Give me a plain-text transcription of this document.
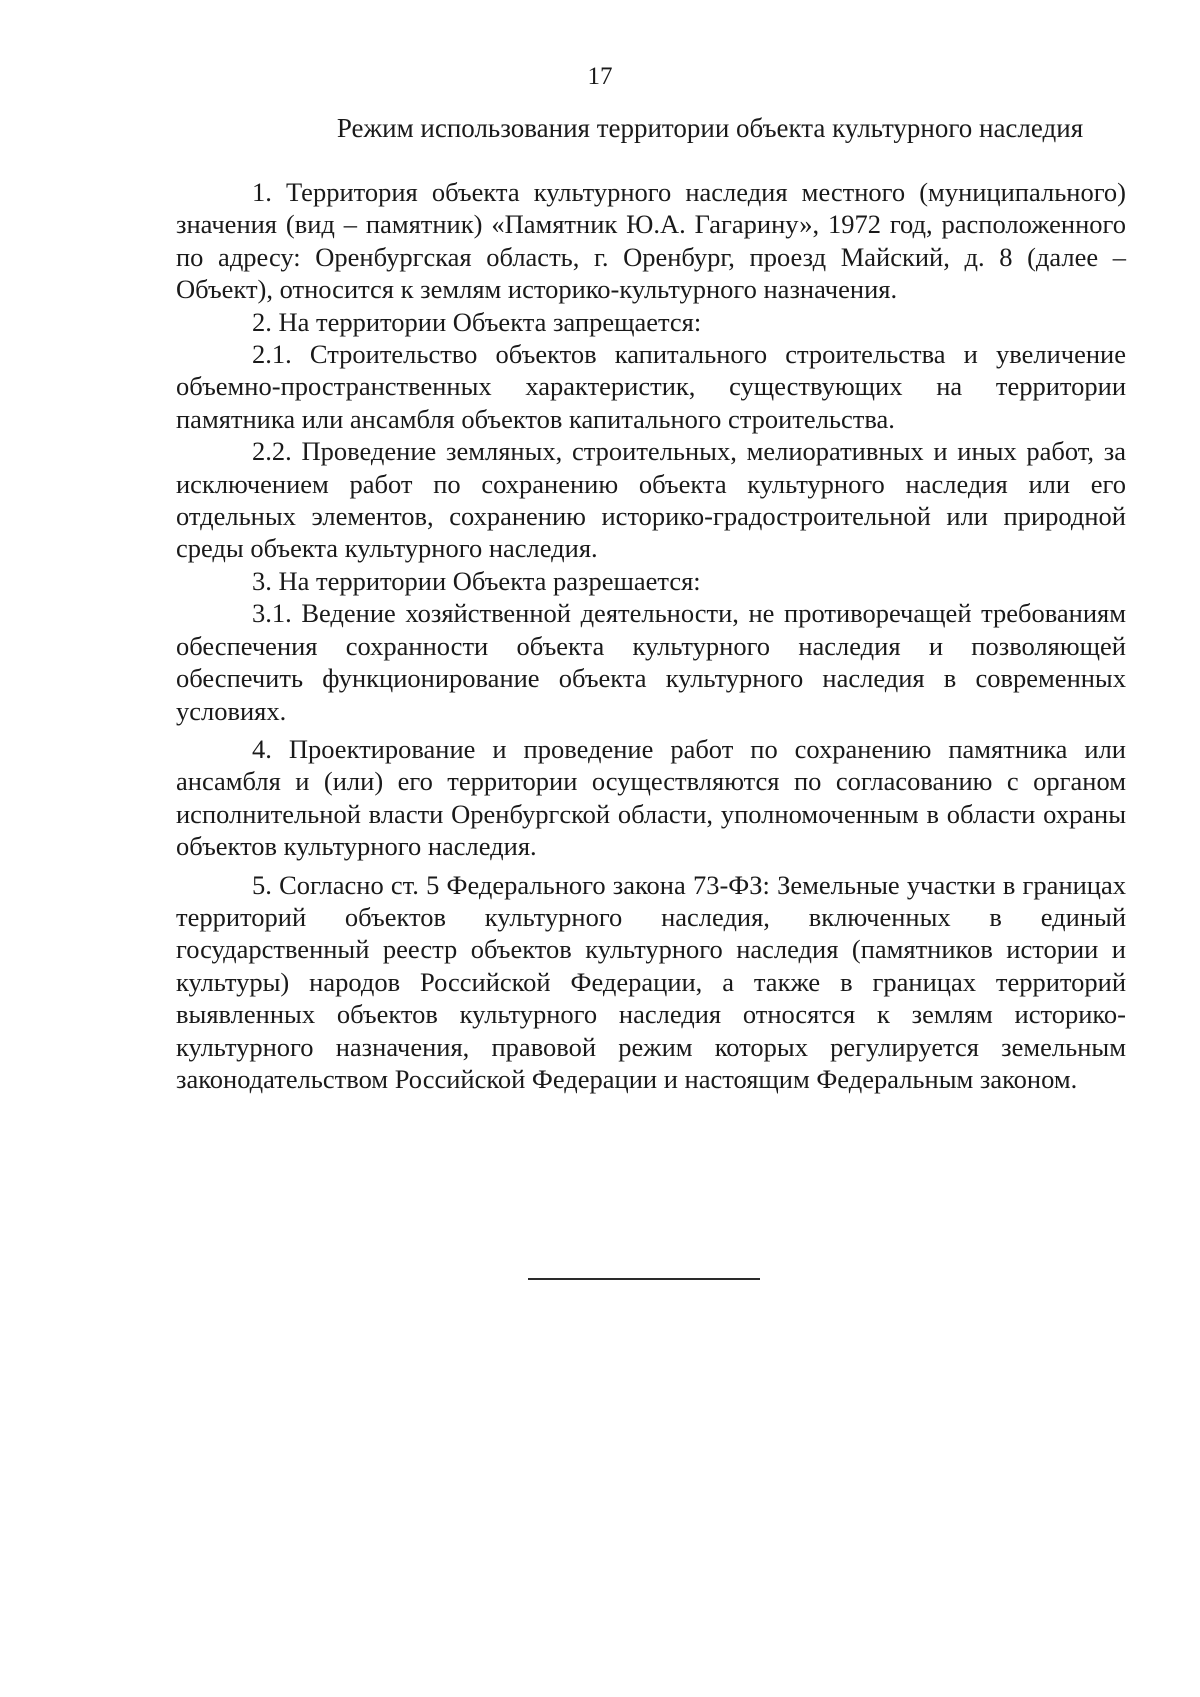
17
Режим использования территории объекта культурного наследия

1. Территория объекта культурного наследия местного (муниципального) значения (вид – памятник) «Памятник Ю.А. Гагарину», 1972 год, расположенного по адресу: Оренбургская область, г. Оренбург, проезд Майский, д. 8 (далее – Объект), относится к землям историко-культурного назначения.

2. На территории Объекта запрещается:

2.1. Строительство объектов капитального строительства и увеличение объемно-пространственных характеристик, существующих на территории памятника или ансамбля объектов капитального строительства.

2.2. Проведение земляных, строительных, мелиоративных и иных работ, за исключением работ по сохранению объекта культурного наследия или его отдельных элементов, сохранению историко-градостроительной или природной среды объекта культурного наследия.

3. На территории Объекта разрешается:

3.1. Ведение хозяйственной деятельности, не противоречащей требованиям обеспечения сохранности объекта культурного наследия и позволяющей обеспечить функционирование объекта культурного наследия в современных условиях.

4. Проектирование и проведение работ по сохранению памятника или ансамбля и (или) его территории осуществляются по согласованию с органом исполнительной власти Оренбургской области, уполномоченным в области охраны объектов культурного наследия.

5. Согласно ст. 5 Федерального закона 73-ФЗ: Земельные участки в границах территорий объектов культурного наследия, включенных в единый государственный реестр объектов культурного наследия (памятников истории и культуры) народов Российской Федерации, а также в границах территорий выявленных объектов культурного наследия относятся к землям историко-культурного назначения, правовой режим которых регулируется земельным законодательством Российской Федерации и настоящим Федеральным законом.
